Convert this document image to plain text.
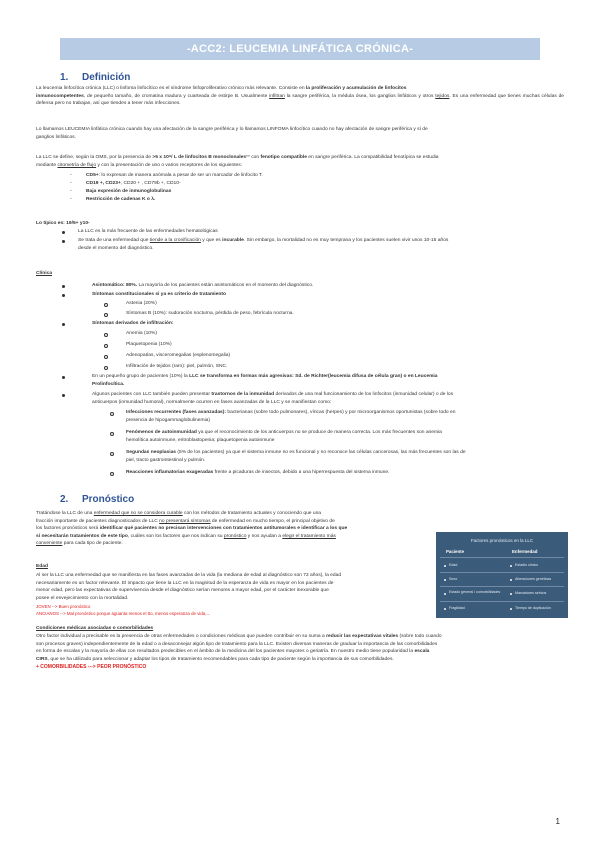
-ACC2: LEUCEMIA LINFÁTICA CRÓNICA-
1. Definición
La leucemia linfocítica crónica (LLC) o linfoma linfocítico es el síndrome linfoproliferativo crónico más relevante. Consiste en la proliferación y acumulación de linfocitos
inmunocompetentes, de pequeño tamaño, de cromatina madura y cuarteada de estirpe B. Usualmente infiltran la sangre periférica, la médula ósea, los ganglios linfáticos y otros tejidos. Es una enfermedad que tienes muchas células de defensa pero no trabajan, así que tiendes a tener más infecciones.
Lo llamamos LEUCEMIA linfática crónica cuando hay una afectación de la sangre periférica y lo llamamos LINFOMA linfocítico cuando no hay afectación de sangre periférica y sí de
ganglios linfáticos.
La LLC se define, según la OMS, por la presencia de >5 x 10⁹/ L de linfocitos B monoclonales** con fenotipo compatible en sangre periférica. La compatibilidad fenotípica se estudia
mediante citometría de flujo y con la presentación de uno o varios receptores de los siguientes:
-	CD5+: lo expresan de manera anómala a pesar de ser un marcador de linfocito T.
-	CD19 +, CD23+, CD20 + , CD79b +, CD10-
-	Baja expresión de inmunoglobulinas
-	Restricción de cadenas K o λ.
Lo típico es: 19/5+ y10-
La LLC es la más frecuente de las enfermedades hematológicas
Se trata de una enfermedad que tiende a la cronificación y que es incurable. Sin embargo, la mortalidad no es muy temprana y los pacientes suelen vivir unos 10-15 años
desde el momento del diagnóstico.
Clínica
Asintomático: 80%. La mayoría de los pacientes están asintomáticos en el momento del diagnóstico.
Síntomas constitucionales si ya es criterio de tratamiento
Astenia (20%)
Síntomas B (10%): sudoración nocturna, pérdida de peso, febrícula nocturna.
Síntomas derivados de infiltración:
Anemia (10%)
Plaquetopenia (10%)
Adenopatías, visceromegalias (esplenomegalia)
Infiltración de tejidos (raro): piel, pulmón, SNC.
En un pequeño grupo de pacientes (10%) la LLC se transforma en formas más agresivas: Sd. de Richter(leucemia difusa de célula gran) o en Leucemia
Prolinfocítica.
Algunos pacientes con LLC también pueden presentar trastornos de la inmunidad derivados de una mal funcionamiento de los linfocitos (inmunidad celular) o de los
anticuerpos (inmunidad humoral), normalmente ocurren en fases avanzadas de la LLC y se manifiestan como:
Infecciones recurrentes (fases avanzadas): bacterianas (sobre todo pulmonares), víricas (herpes) y por microorganismos oportunistas (sobre todo en
presencia de hipogammaglobulinemia)
Fenómenos de autoinmunidad ya que el reconocimiento de los anticuerpos no se produce de manera correcta. Los más frecuentes son anemia
hemolítica autoinmune, eritroblastopenia; plaquetopenia autoinmune
Segundas neoplasias (5% de los pacientes) ya que el sistema inmune no es funcional y no reconoce las células cancerosas, las más frecuentes son las de
piel, tracto gastrointestinal y pulmón.
Reacciones inflamatorias exageradas frente a picaduras de insectos, debido a una hiperrespuesta del sistema inmune.
2. Pronóstico
Tratándose la LLC de una enfermedad que no se considera curable con los métodos de tratamiento actuales y conociendo que una
fracción importante de pacientes diagnosticados de LLC no presentará síntomas de enfermedad en mucho tiempo, el principal objetivo de
los factores pronósticos será identificar qué pacientes no precisan intervenciones con tratamientos antitumorales e identificar a los que
sí necesitarán tratamientos de este tipo, cuáles son los factores que nos indican su pronóstico y nos ayudan a elegir el tratamiento más
conveniente para cada tipo de paciente.
Factores pronósticos en la LLC
Paciente	Enfermedad
Edad	Estadio clínico
Sexo	Alteraciones genéticas
Estado general / comorbilidades	Marcadores séricos
Fragilidad	Tiempo de duplicación
Edad
Al ser la LLC una enfermedad que se manifiesta en las fases avanzadas de la vida (la mediana de edad al diagnóstico son 72 años), la edad
necesariamente es un factor relevante. El impacto que tiene la LLC en la magnitud de la esperanza de vida es mayor en los pacientes de
menor edad, pero las expectativas de supervivencia desde el diagnóstico serían menores a mayor edad, por el carácter inexorable que
posee el envejecimiento con la mortalidad.
JOVEN --> Buen pronóstico
ANCIANOS --> Mal pronóstico porque aguanta menos el tto, menos esperanza de vida,...
Condiciones médicas asociadas o comorbilidades
Otro factor individual a precisable es la presencia de otras enfermedades o condiciones médicas que pueden contribuir en su suma a reducir las expectativas vitales (sobre todo cuando
son procesos graves) independientemente de la edad o a desaconsejar algún tipo de tratamiento para la LLC. Existen diversas maneras de graduar la importancia de las comorbilidades
en forma de escalas y la mayoría de ellas con resultados predecibles en el ámbito de la medicina del los pacientes mayores o geriatría. En nuestro medio tiene popularidad la escala
CIRS, que se ha utilizado para seleccionar y adaptar los tipos de tratamiento recomendables para cada tipo de paciente según la importancia de sus comorbilidades.
+ COMORBILIDADES ---> PEOR PRONÓSTICO
1
